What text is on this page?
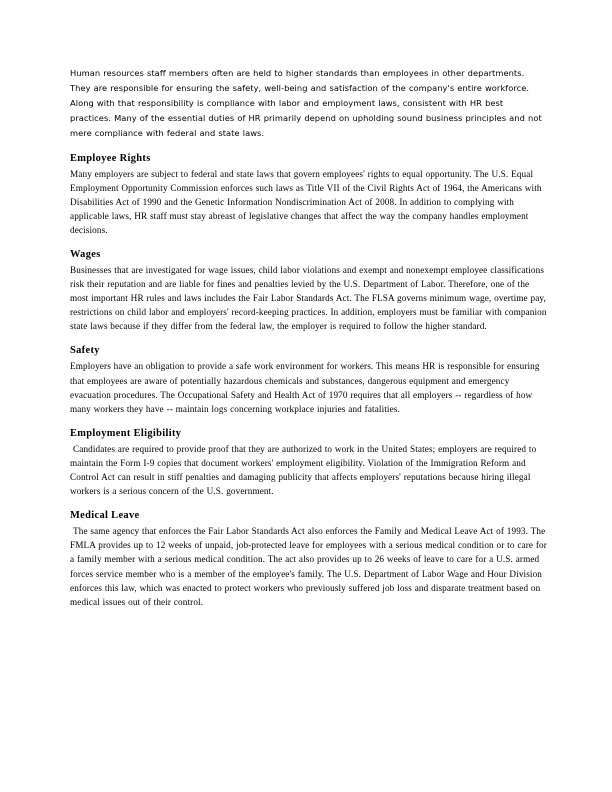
Human resources staff members often are held to higher standards than employees in other departments. They are responsible for ensuring the safety, well-being and satisfaction of the company's entire workforce. Along with that responsibility is compliance with labor and employment laws, consistent with HR best practices. Many of the essential duties of HR primarily depend on upholding sound business principles and not mere compliance with federal and state laws.

Employee Rights

Many employers are subject to federal and state laws that govern employees' rights to equal opportunity. The U.S. Equal Employment Opportunity Commission enforces such laws as Title VII of the Civil Rights Act of 1964, the Americans with Disabilities Act of 1990 and the Genetic Information Nondiscrimination Act of 2008. In addition to complying with applicable laws, HR staff must stay abreast of legislative changes that affect the way the company handles employment decisions.

Wages

Businesses that are investigated for wage issues, child labor violations and exempt and nonexempt employee classifications risk their reputation and are liable for fines and penalties levied by the U.S. Department of Labor. Therefore, one of the most important HR rules and laws includes the Fair Labor Standards Act. The FLSA governs minimum wage, overtime pay, restrictions on child labor and employers' record-keeping practices. In addition, employers must be familiar with companion state laws because if they differ from the federal law, the employer is required to follow the higher standard.

Safety

Employers have an obligation to provide a safe work environment for workers. This means HR is responsible for ensuring that employees are aware of potentially hazardous chemicals and substances, dangerous equipment and emergency evacuation procedures. The Occupational Safety and Health Act of 1970 requires that all employers -- regardless of how many workers they have -- maintain logs concerning workplace injuries and fatalities.

Employment Eligibility

Candidates are required to provide proof that they are authorized to work in the United States; employers are required to maintain the Form I-9 copies that document workers' employment eligibility. Violation of the Immigration Reform and Control Act can result in stiff penalties and damaging publicity that affects employers' reputations because hiring illegal workers is a serious concern of the U.S. government.

Medical Leave

The same agency that enforces the Fair Labor Standards Act also enforces the Family and Medical Leave Act of 1993. The FMLA provides up to 12 weeks of unpaid, job-protected leave for employees with a serious medical condition or to care for a family member with a serious medical condition. The act also provides up to 26 weeks of leave to care for a U.S. armed forces service member who is a member of the employee's family. The U.S. Department of Labor Wage and Hour Division enforces this law, which was enacted to protect workers who previously suffered job loss and disparate treatment based on medical issues out of their control.
